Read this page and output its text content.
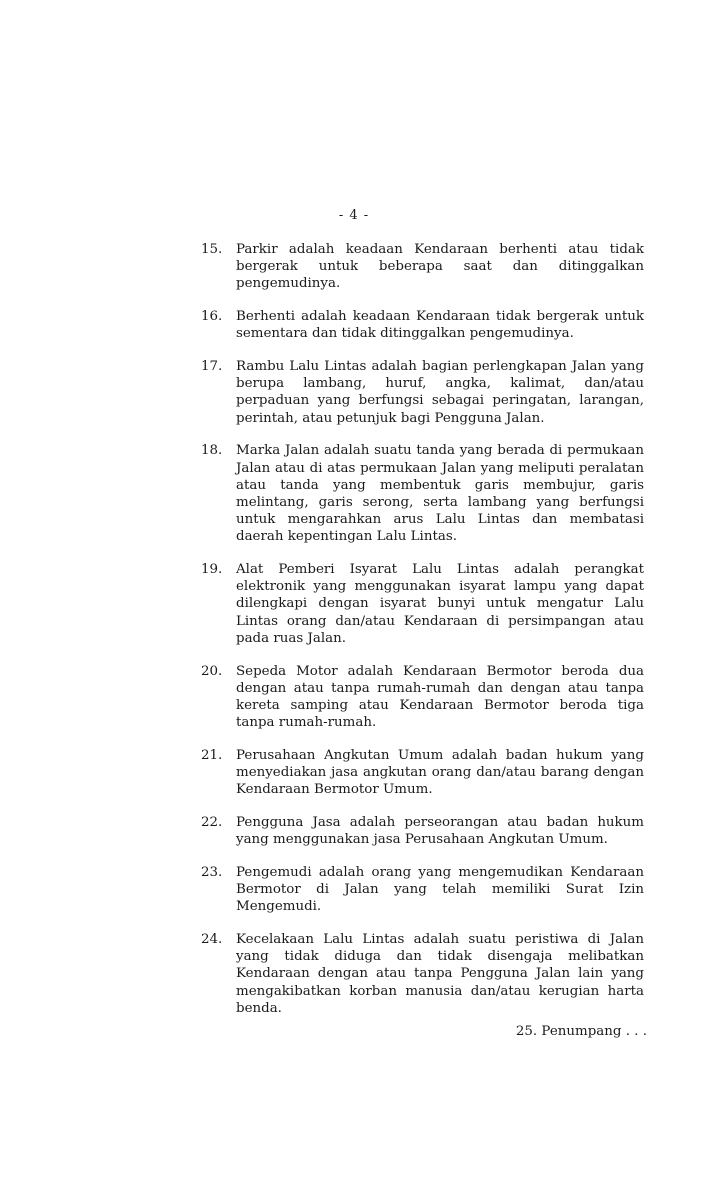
- 4 -
15.	Parkir adalah keadaan Kendaraan berhenti atau tidak bergerak untuk beberapa saat dan ditinggalkan pengemudinya.
16.	Berhenti adalah keadaan Kendaraan tidak bergerak untuk sementara dan tidak ditinggalkan pengemudinya.
17.	Rambu Lalu Lintas adalah bagian perlengkapan Jalan yang berupa lambang, huruf, angka, kalimat, dan/atau perpaduan yang berfungsi sebagai peringatan, larangan, perintah, atau petunjuk bagi Pengguna Jalan.
18.	Marka Jalan adalah suatu tanda yang berada di permukaan Jalan atau di atas permukaan Jalan yang meliputi peralatan atau tanda yang membentuk garis membujur, garis melintang, garis serong, serta lambang yang berfungsi untuk mengarahkan arus Lalu Lintas dan membatasi daerah kepentingan Lalu Lintas.
19.	Alat Pemberi Isyarat Lalu Lintas adalah perangkat elektronik yang menggunakan isyarat lampu yang dapat dilengkapi dengan isyarat bunyi untuk mengatur Lalu Lintas orang dan/atau Kendaraan di persimpangan atau pada ruas Jalan.
20.	Sepeda Motor adalah Kendaraan Bermotor beroda dua dengan atau tanpa rumah-rumah dan dengan atau tanpa kereta samping atau Kendaraan Bermotor beroda tiga tanpa rumah-rumah.
21.	Perusahaan Angkutan Umum adalah badan hukum yang menyediakan jasa angkutan orang dan/atau barang dengan Kendaraan Bermotor Umum.
22.	Pengguna Jasa adalah perseorangan atau badan hukum yang menggunakan jasa Perusahaan Angkutan Umum.
23.	Pengemudi adalah orang yang mengemudikan Kendaraan Bermotor di Jalan yang telah memiliki Surat Izin Mengemudi.
24.	Kecelakaan Lalu Lintas adalah suatu peristiwa di Jalan yang tidak diduga dan tidak disengaja melibatkan Kendaraan dengan atau tanpa Pengguna Jalan lain yang mengakibatkan korban manusia dan/atau kerugian harta benda.
25. Penumpang . . .
